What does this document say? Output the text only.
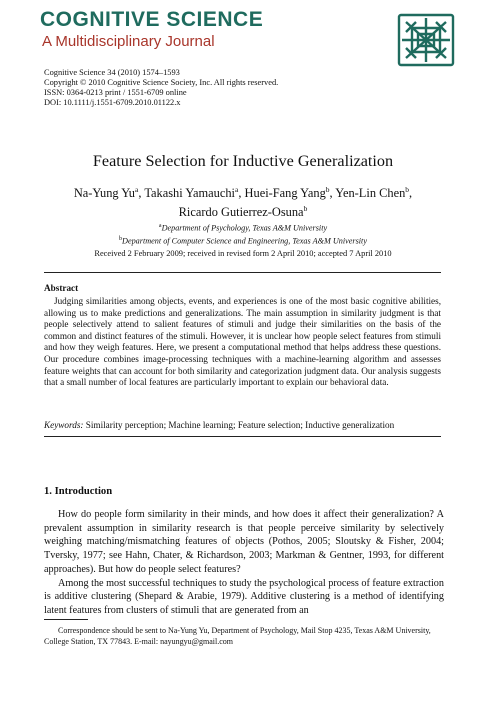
COGNITIVE SCIENCE
A Multidisciplinary Journal
Cognitive Science 34 (2010) 1574–1593
Copyright © 2010 Cognitive Science Society, Inc. All rights reserved.
ISSN: 0364-0213 print / 1551-6709 online
DOI: 10.1111/j.1551-6709.2010.01122.x
Feature Selection for Inductive Generalization
Na-Yung Yu$^a$, Takashi Yamauchi$^a$, Huei-Fang Yang$^b$, Yen-Lin Chen$^b$,
Ricardo Gutierrez-Osuna$^b$
$^a$Department of Psychology, Texas A&M University
$^b$Department of Computer Science and Engineering, Texas A&M University
Received 2 February 2009; received in revised form 2 April 2010; accepted 7 April 2010
Abstract
Judging similarities among objects, events, and experiences is one of the most basic cognitive abilities, allowing us to make predictions and generalizations. The main assumption in similarity judgment is that people selectively attend to salient features of stimuli and judge their similarities on the basis of the common and distinct features of the stimuli. However, it is unclear how people select features from stimuli and how they weigh features. Here, we present a computational method that helps address these questions. Our procedure combines image-processing techniques with a machine-learning algorithm and assesses feature weights that can account for both similarity and categorization judgment data. Our analysis suggests that a small number of local features are particularly important to explain our behavioral data.
Keywords: Similarity perception; Machine learning; Feature selection; Inductive generalization
1. Introduction

How do people form similarity in their minds, and how does it affect their generalization? A prevalent assumption in similarity research is that people perceive similarity by selectively weighing matching/mismatching features of objects (Pothos, 2005; Sloutsky & Fisher, 2004; Tversky, 1977; see Hahn, Chater, & Richardson, 2003; Markman & Gentner, 1993, for different approaches). But how do people select features?

Among the most successful techniques to study the psychological process of feature extraction is additive clustering (Shepard & Arabie, 1979). Additive clustering is a method of identifying latent features from clusters of stimuli that are generated from an

Correspondence should be sent to Na-Yung Yu, Department of Psychology, Mail Stop 4235, Texas A&M University, College Station, TX 77843. E-mail: nayungyu@gmail.com
